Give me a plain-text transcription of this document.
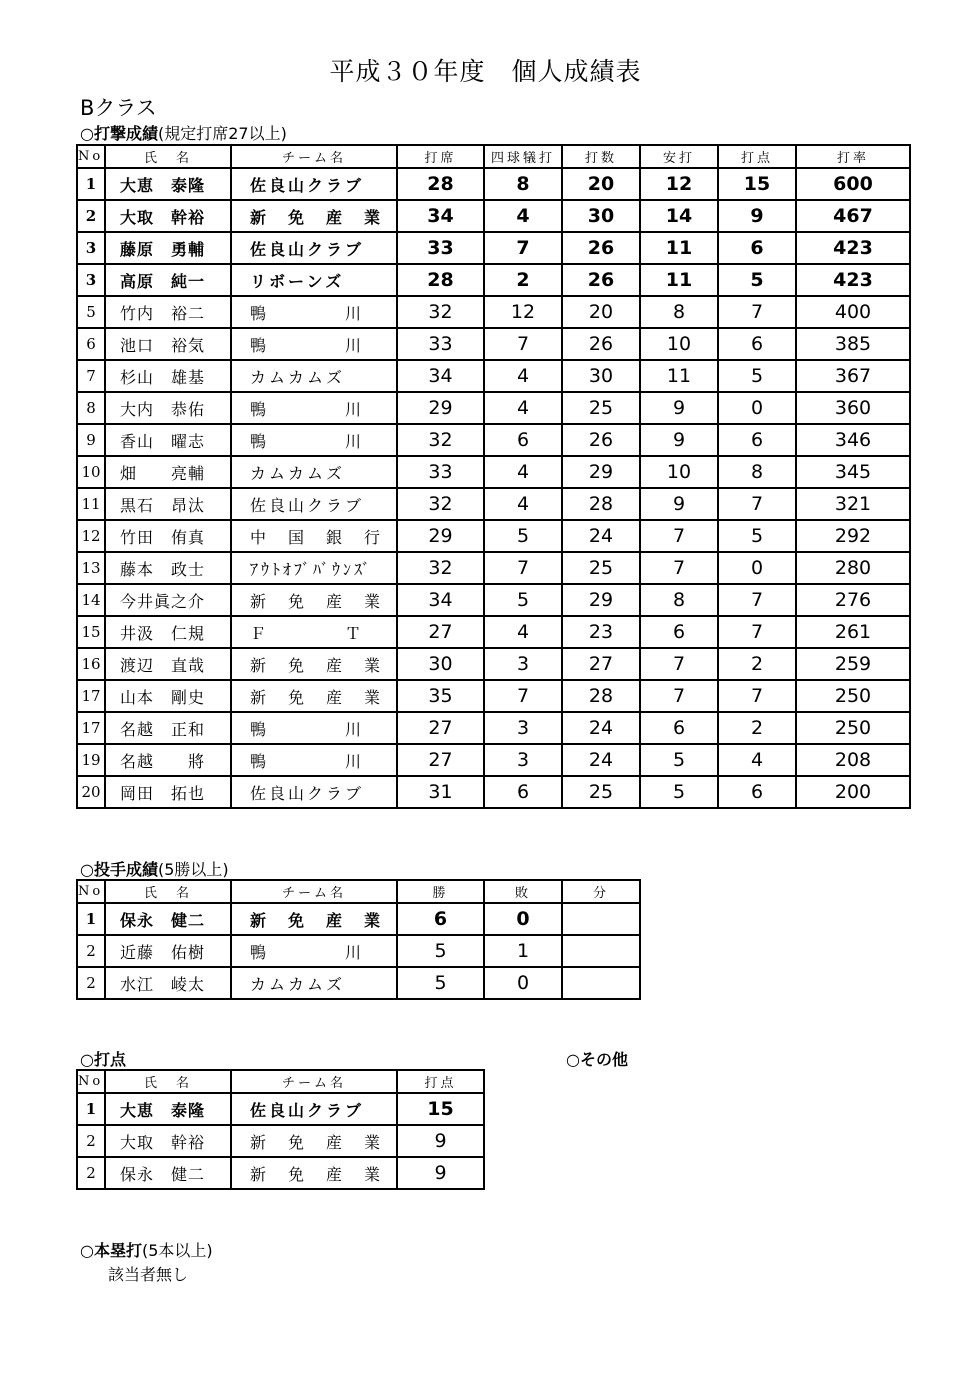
平成３０年度　個人成績表
Bクラス
○打撃成績(規定打席27以上)
No.	氏　名	チーム名	打席	四球犠打	打数	安打	打点	打率
1	大恵　泰隆	佐良山クラブ	28	8	20	12	15	600
2	大取　幹裕	新　免　産　業	34	4	30	14	9	467
3	藤原　勇輔	佐良山クラブ	33	7	26	11	6	423
3	高原　純一	リボーンズ	28	2	26	11	5	423
5	竹内　裕二	鴨　　　　川	32	12	20	8	7	400
6	池口　裕気	鴨　　　　川	33	7	26	10	6	385
7	杉山　雄基	カムカムズ	34	4	30	11	5	367
8	大内　恭佑	鴨　　　　川	29	4	25	9	0	360
9	香山　曜志	鴨　　　　川	32	6	26	9	6	346
10	畑　　亮輔	カムカムズ	33	4	29	10	8	345
11	黒石　昂汰	佐良山クラブ	32	4	28	9	7	321
12	竹田　侑真	中　国　銀　行	29	5	24	7	5	292
13	藤本　政士	ｱｳﾄｵﾌﾞﾊﾞｳﾝｽﾞ	32	7	25	7	0	280
14	今井眞之介	新　免　産　業	34	5	29	8	7	276
15	井汲　仁規	Ｆ　　　　Ｔ	27	4	23	6	7	261
16	渡辺　直哉	新　免　産　業	30	3	27	7	2	259
17	山本　剛史	新　免　産　業	35	7	28	7	7	250
17	名越　正和	鴨　　　　川	27	3	24	6	2	250
19	名越　　將	鴨　　　　川	27	3	24	5	4	208
20	岡田　拓也	佐良山クラブ	31	6	25	5	6	200
○投手成績(5勝以上)
No.	氏　名	チーム名	勝	敗	分
1	保永　健二	新　免　産　業	6	0	
2	近藤　佑樹	鴨　　　　川	5	1	
2	水江　崚太	カムカムズ	5	0	
○打点	○その他
No.	氏　名	チーム名	打点
1	大恵　泰隆	佐良山クラブ	15
2	大取　幹裕	新　免　産　業	9
2	保永　健二	新　免　産　業	9
○本塁打(5本以上)
該当者無し
